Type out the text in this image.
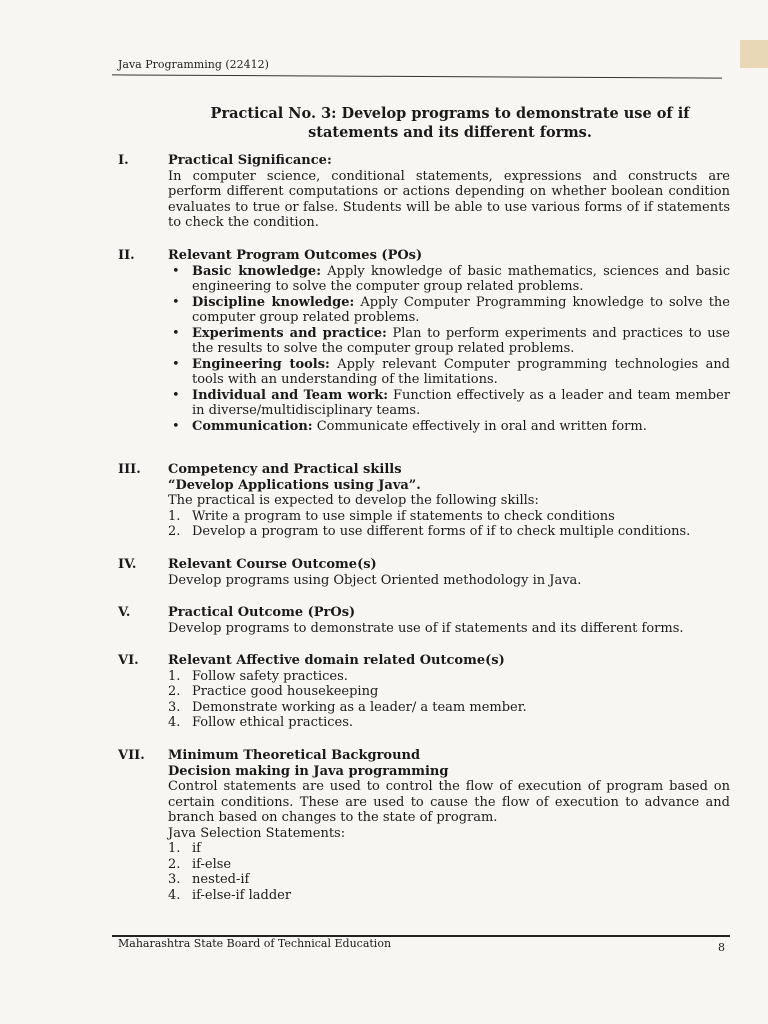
Java Programming (22412)
Practical No. 3: Develop programs to demonstrate use of if
statements and its different forms.
I.	Practical Significance:
In computer science, conditional statements, expressions and constructs are perform different computations or actions depending on whether boolean condition evaluates to true or false. Students will be able to use various forms of if statements to check the condition.
II.	Relevant Program Outcomes (POs)
• Basic knowledge: Apply knowledge of basic mathematics, sciences and basic engineering to solve the computer group related problems.
• Discipline knowledge: Apply Computer Programming knowledge to solve the computer group related problems.
• Experiments and practice: Plan to perform experiments and practices to use the results to solve the computer group related problems.
• Engineering tools: Apply relevant Computer programming technologies and tools with an understanding of the limitations.
• Individual and Team work: Function effectively as a leader and team member in diverse/multidisciplinary teams.
• Communication: Communicate effectively in oral and written form.
III. Competency and Practical skills
“Develop Applications using Java”.
The practical is expected to develop the following skills:
1. Write a program to use simple if statements to check conditions
2. Develop a program to use different forms of if to check multiple conditions.
IV. Relevant Course Outcome(s)
Develop programs using Object Oriented methodology in Java.
V.	Practical Outcome (PrOs)
Develop programs to demonstrate use of if statements and its different forms.
VI. Relevant Affective domain related Outcome(s)
1. Follow safety practices.
2. Practice good housekeeping
3. Demonstrate working as a leader/ a team member.
4. Follow ethical practices.
VII. Minimum Theoretical Background
Decision making in Java programming
Control statements are used to control the flow of execution of program based on certain conditions. These are used to cause the flow of execution to advance and branch based on changes to the state of program.
Java Selection Statements:
1. if
2. if-else
3. nested-if
4. if-else-if ladder
Maharashtra State Board of Technical Education	8
